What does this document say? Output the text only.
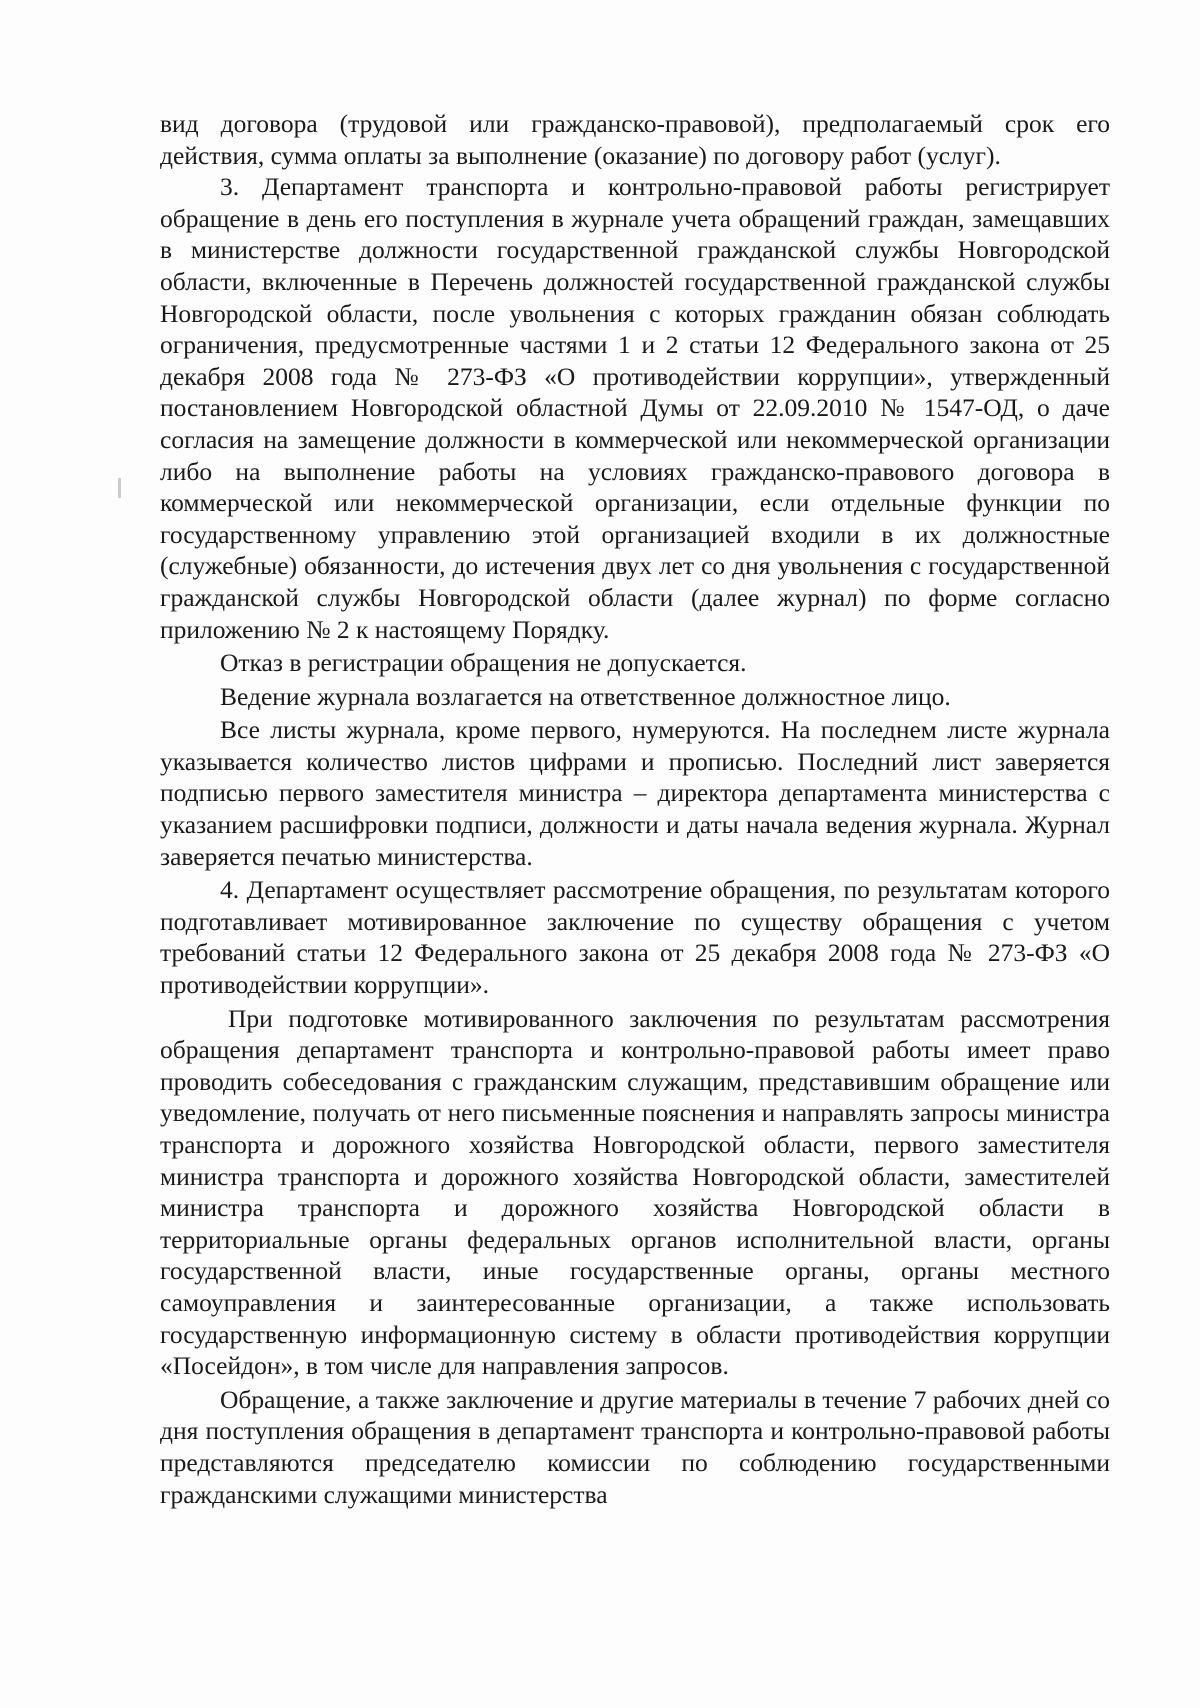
вид договора (трудовой или гражданско-правовой), предполагаемый срок его действия, сумма оплаты за выполнение (оказание) по договору работ (услуг).

3. Департамент транспорта и контрольно-правовой работы регистрирует обращение в день его поступления в журнале учета обращений граждан, замещавших в министерстве должности государственной гражданской службы Новгородской области, включенные в Перечень должностей государственной гражданской службы Новгородской области, после увольнения с которых гражданин обязан соблюдать ограничения, предусмотренные частями 1 и 2 статьи 12 Федерального закона от 25 декабря 2008 года № 273-ФЗ «О противодействии коррупции», утвержденный постановлением Новгородской областной Думы от 22.09.2010 № 1547-ОД, о даче согласия на замещение должности в коммерческой или некоммерческой организации либо на выполнение работы на условиях гражданско-правового договора в коммерческой или некоммерческой организации, если отдельные функции по государственному управлению этой организацией входили в их должностные (служебные) обязанности, до истечения двух лет со дня увольнения с государственной гражданской службы Новгородской области (далее журнал) по форме согласно приложению № 2 к настоящему Порядку.

Отказ в регистрации обращения не допускается.

Ведение журнала возлагается на ответственное должностное лицо.

Все листы журнала, кроме первого, нумеруются. На последнем листе журнала указывается количество листов цифрами и прописью. Последний лист заверяется подписью первого заместителя министра – директора департамента министерства с указанием расшифровки подписи, должности и даты начала ведения журнала. Журнал заверяется печатью министерства.

4. Департамент осуществляет рассмотрение обращения, по результатам которого подготавливает мотивированное заключение по существу обращения с учетом требований статьи 12 Федерального закона от 25 декабря 2008 года № 273-ФЗ «О противодействии коррупции».

При подготовке мотивированного заключения по результатам рассмотрения обращения департамент транспорта и контрольно-правовой работы имеет право проводить собеседования с гражданским служащим, представившим обращение или уведомление, получать от него письменные пояснения и направлять запросы министра транспорта и дорожного хозяйства Новгородской области, первого заместителя министра транспорта и дорожного хозяйства Новгородской области, заместителей министра транспорта и дорожного хозяйства Новгородской области в территориальные органы федеральных органов исполнительной власти, органы государственной власти, иные государственные органы, органы местного самоуправления и заинтересованные организации, а также использовать государственную информационную систему в области противодействия коррупции «Посейдон», в том числе для направления запросов.

Обращение, а также заключение и другие материалы в течение 7 рабочих дней со дня поступления обращения в департамент транспорта и контрольно-правовой работы представляются председателю комиссии по соблюдению государственными гражданскими служащими министерства
